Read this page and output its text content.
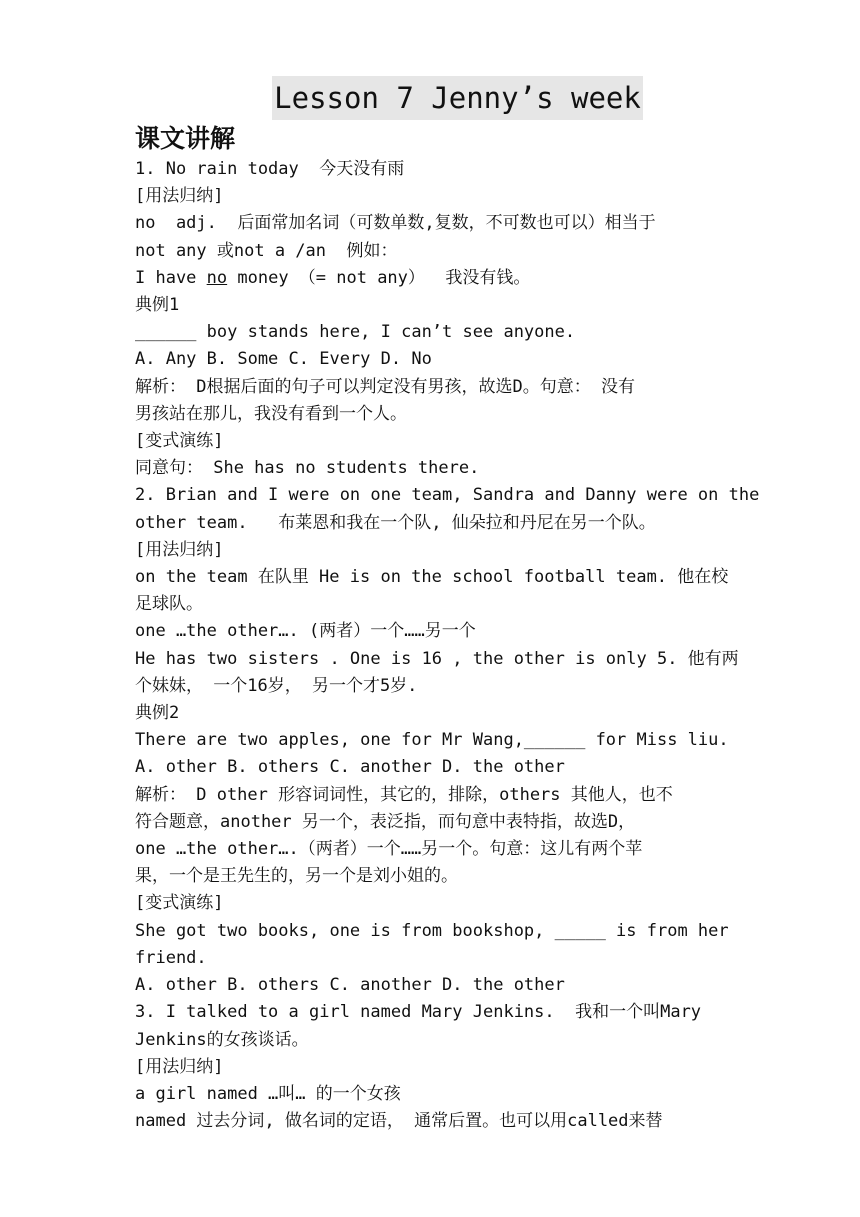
Lesson 7 Jenny’s week
课文讲解
1. No rain today  今天没有雨
[用法归纳]
no  adj.  后面常加名词（可数单数,复数，不可数也可以）相当于
not any 或not a /an  例如：
I have no money （= not any）  我没有钱。
典例1
______ boy stands here, I can’t see anyone.
A. Any B. Some C. Every D. No
解析： D根据后面的句子可以判定没有男孩，故选D。句意： 没有
男孩站在那儿，我没有看到一个人。
[变式演练]
同意句： She has no students there.
2. Brian and I were on one team, Sandra and Danny were on the
other team.   布莱恩和我在一个队, 仙朵拉和丹尼在另一个队。
[用法归纳]
on the team 在队里 He is on the school football team. 他在校
足球队。
one …the other…. (两者）一个……另一个
He has two sisters . One is 16 , the other is only 5. 他有两
个妹妹， 一个16岁， 另一个才5岁.
典例2
There are two apples, one for Mr Wang,______ for Miss liu.
A. other B. others C. another D. the other
解析： D other 形容词词性，其它的，排除，others 其他人，也不
符合题意，another 另一个，表泛指，而句意中表特指，故选D，
one …the other….（两者）一个……另一个。句意：这儿有两个苹
果，一个是王先生的，另一个是刘小姐的。
[变式演练]
She got two books, one is from bookshop, _____ is from her
friend.
A. other B. others C. another D. the other
3. I talked to a girl named Mary Jenkins.  我和一个叫Mary
Jenkins的女孩谈话。
[用法归纳]
a girl named …叫… 的一个女孩
named 过去分词, 做名词的定语， 通常后置。也可以用called来替
